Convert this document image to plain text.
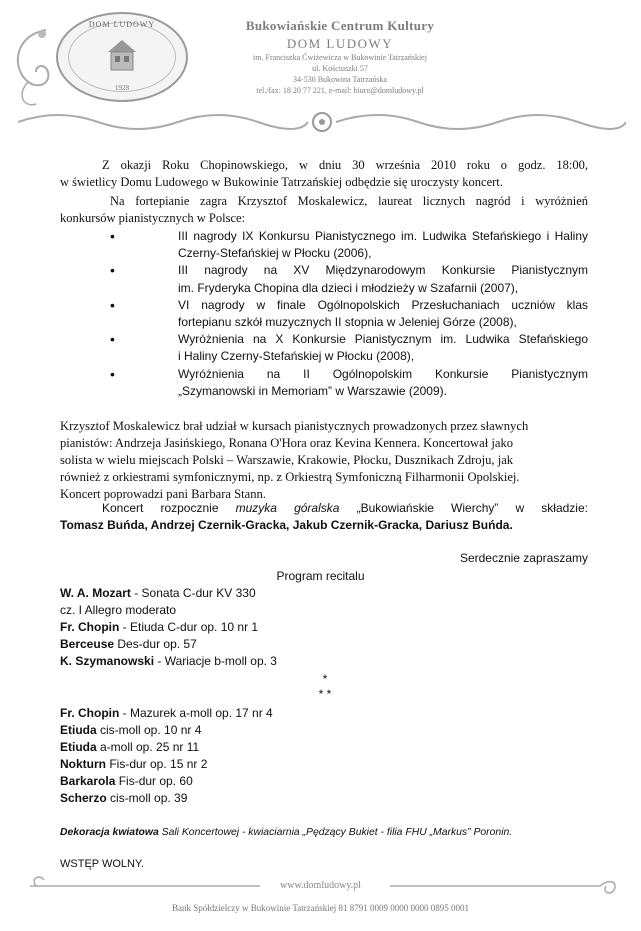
DOM LUDOWY
1928
Bukowiańskie Centrum Kultury
DOM LUDOWY
im. Franciszka Ćwiżewicza w Bukowinie Tatrzańskiej
ul. Kościuszki 57
34-530 Bukowina Tatrzańska
tel./fax: 18 20 77 221, e-mail: biuro@domludowy.pl
Z okazji Roku Chopinowskiego, w dniu 30 września 2010 roku o godz. 18:00,
w świetlicy Domu Ludowego w Bukowinie Tatrzańskiej odbędzie się uroczysty koncert.
Na fortepianie zagra Krzysztof Moskalewicz, laureat licznych nagród i wyróżnień
konkursów pianistycznych w Polsce:
•	III nagrody IX Konkursu Pianistycznego im. Ludwika Stefańskiego i Haliny
Czerny-Stefańskiej w Płocku (2006),
•	III nagrody na XV Międzynarodowym Konkursie Pianistycznym
im. Fryderyka Chopina dla dzieci i młodzieży w Szafarnii (2007),
•	VI nagrody w finale Ogólnopolskich Przesłuchaniach uczniów klas
fortepianu szkół muzycznych II stopnia w Jeleniej Górze (2008),
•	Wyróżnienia na X Konkursie Pianistycznym im. Ludwika Stefańskiego
i Haliny Czerny-Stefańskiej w Płocku (2008),
•	Wyróżnienia na II Ogólnopolskim Konkursie Pianistycznym
„Szymanowski in Memoriam” w Warszawie (2009).
Krzysztof Moskalewicz brał udział w kursach pianistycznych prowadzonych przez sławnych
pianistów: Andrzeja Jasińskiego, Ronana O'Hora oraz Kevina Kennera. Koncertował jako
solista w wielu miejscach Polski – Warszawie, Krakowie, Płocku, Dusznikach Zdroju, jak
również z orkiestrami symfonicznymi, np. z Orkiestrą Symfoniczną Filharmonii Opolskiej.
Koncert poprowadzi pani Barbara Stann.
Koncert rozpocznie muzyka góralska „Bukowiańskie Wierchy” w składzie:
Tomasz Buńda, Andrzej Czernik-Gracka, Jakub Czernik-Gracka, Dariusz Buńda.
Serdecznie zapraszamy
Program recitalu
W. A. Mozart - Sonata C-dur KV 330
cz. I Allegro moderato
Fr. Chopin - Etiuda C-dur op. 10 nr 1
Berceuse Des-dur op. 57
K. Szymanowski - Wariacje b-moll op. 3
*
* *
Fr. Chopin - Mazurek a-moll op. 17 nr 4
Etiuda cis-moll op. 10 nr 4
Etiuda a-moll op. 25 nr 11
Nokturn Fis-dur op. 15 nr 2
Barkarola Fis-dur op. 60
Scherzo cis-moll op. 39
Dekoracja kwiatowa Sali Koncertowej - kwiaciarnia „Pędzący Bukiet - filia FHU „Markus” Poronin.
WSTĘP WOLNY.
www.domludowy.pl
Bank Spółdzielczy w Bukowinie Tatrzańskiej 81 8791 0009 0000 0000 0895 0001
